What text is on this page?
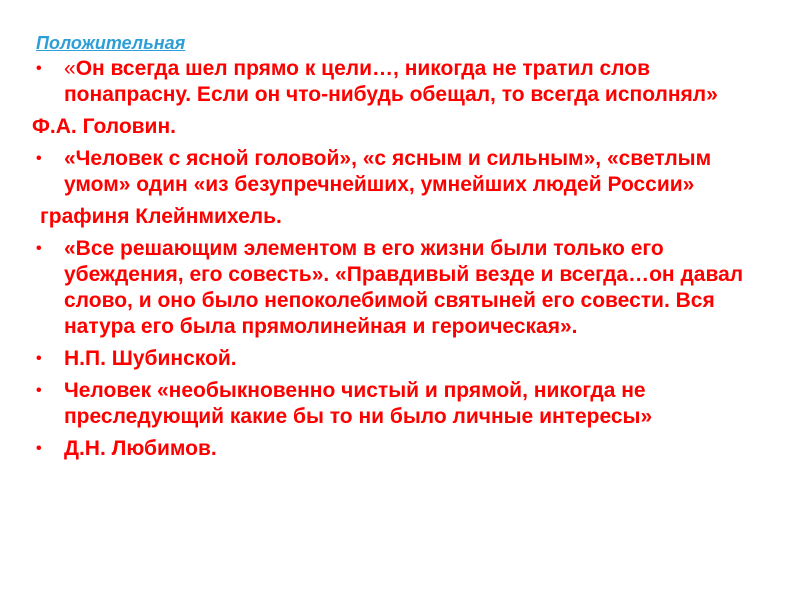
Положительная

• «Он всегда шел прямо к цели…, никогда не тратил слов понапрасну. Если он что-нибудь обещал, то всегда исполнял»
Ф.А. Головин.
• «Человек с ясной головой», «с ясным и сильным», «светлым умом» один «из безупречнейших, умнейших людей России»
графиня Клейнмихель.
• «Все решающим элементом в его жизни были только его убеждения, его совесть». «Правдивый везде и всегда…он давал слово, и оно было непоколебимой святыней его совести. Вся натура его была прямолинейная и героическая».
• Н.П. Шубинской.
• Человек «необыкновенно чистый и прямой, никогда не преследующий какие бы то ни было личные интересы»
• Д.Н. Любимов.
